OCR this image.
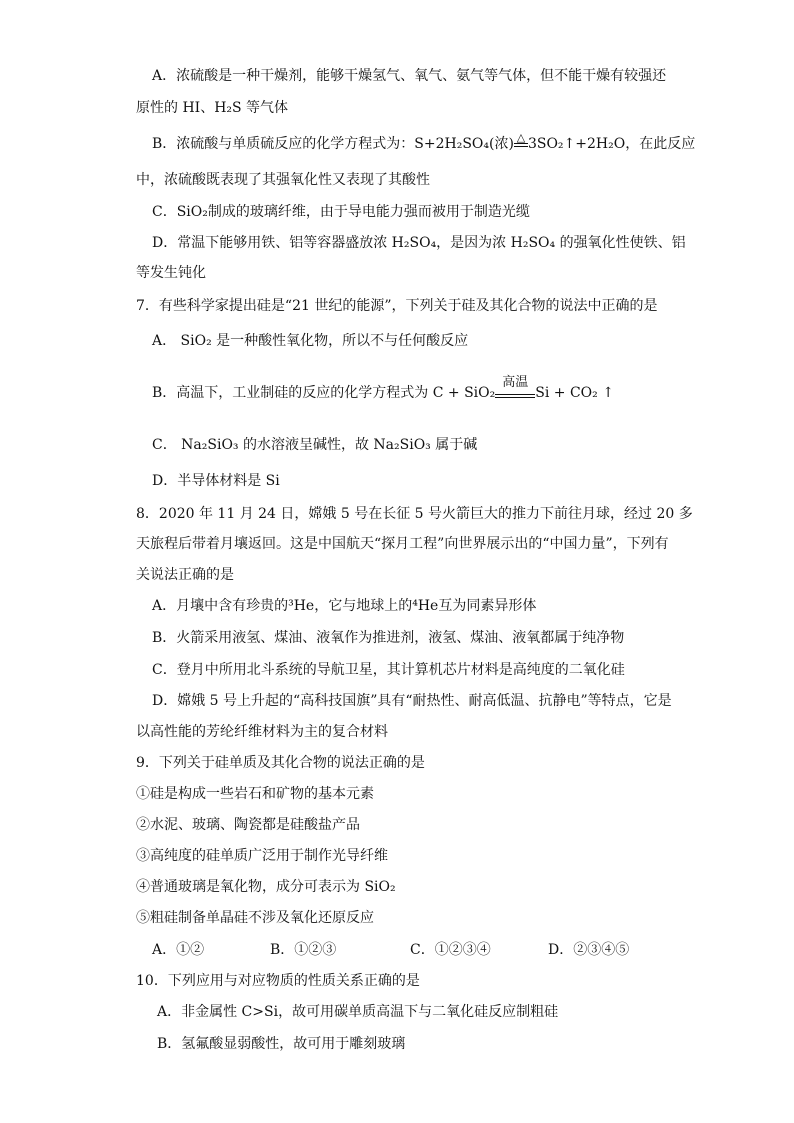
A．浓硫酸是一种干燥剂，能够干燥氢气、氧气、氨气等气体，但不能干燥有较强还
原性的 HI、H₂S 等气体
B．浓硫酸与单质硫反应的化学方程式为：S+2H₂SO₄(浓) △ 3SO₂↑+2H₂O，在此反应
中，浓硫酸既表现了其强氧化性又表现了其酸性
C．SiO₂制成的玻璃纤维，由于导电能力强而被用于制造光缆
D．常温下能够用铁、铝等容器盛放浓 H₂SO₄，是因为浓 H₂SO₄ 的强氧化性使铁、铝
等发生钝化
7．有些科学家提出硅是“21 世纪的能源”，下列关于硅及其化合物的说法中正确的是
A． SiO₂ 是一种酸性氧化物，所以不与任何酸反应
B．高温下，工业制硅的反应的化学方程式为 C + SiO₂
高温
Si + CO₂ ↑
C． Na₂SiO₃ 的水溶液呈碱性，故 Na₂SiO₃ 属于碱
D．半导体材料是 Si
8．2020 年 11 月 24 日，嫦娥 5 号在长征 5 号火箭巨大的推力下前往月球，经过 20 多
天旅程后带着月壤返回。这是中国航天“探月工程”向世界展示出的“中国力量”，下列有
关说法正确的是
A．月壤中含有珍贵的³He，它与地球上的⁴He互为同素异形体
B．火箭采用液氢、煤油、液氧作为推进剂，液氢、煤油、液氧都属于纯净物
C．登月中所用北斗系统的导航卫星，其计算机芯片材料是高纯度的二氧化硅
D．嫦娥 5 号上升起的“高科技国旗”具有“耐热性、耐高低温、抗静电”等特点，它是
以高性能的芳纶纤维材料为主的复合材料
9．下列关于硅单质及其化合物的说法正确的是
①硅是构成一些岩石和矿物的基本元素
②水泥、玻璃、陶瓷都是硅酸盐产品
③高纯度的硅单质广泛用于制作光导纤维
④普通玻璃是氧化物，成分可表示为 SiO₂
⑤粗硅制备单晶硅不涉及氧化还原反应
A．①②	B．①②③	C．①②③④	D．②③④⑤
10．下列应用与对应物质的性质关系正确的是
A．非金属性 C>Si，故可用碳单质高温下与二氧化硅反应制粗硅
B．氢氟酸显弱酸性，故可用于雕刻玻璃
